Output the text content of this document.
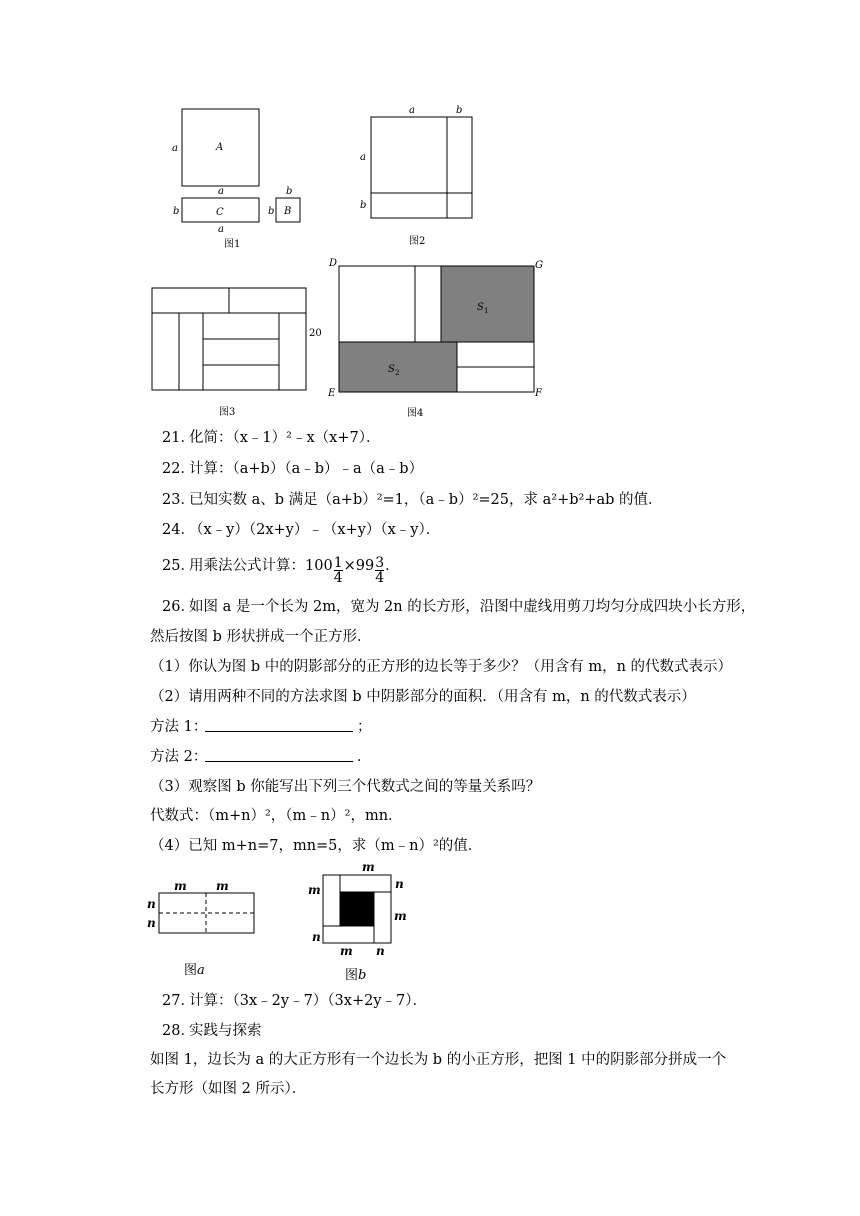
A
a
a
C
b
a
B
b
b
图1
a	b
a
b
图2
20
图3
D	G
E	F
S 1
S 2
图4
21．
化简：（x﹣1）²﹣x（x+7）．
22．
计算：（a+b）（a﹣b）﹣a（a﹣b）
23．
已知实数 a、b 满足（a+b）²=1，（a﹣b）²=25，求 a²+b²+ab 的值．
24．
（x﹣y）（2x+y）﹣（x+y）（x﹣y）．
25．
用乘法公式计算：$100 \frac{1}{4} \times 99 \frac{3}{4}$ ．
26．
如图 a 是一个长为 2m，宽为 2n 的长方形，沿图中虚线用剪刀均匀分成四块小长方形，
然后按图 b 形状拼成一个正方形．
（1）你认为图 b 中的阴影部分的正方形的边长等于多少？（用含有 m，n 的代数式表示）
（2）请用两种不同的方法求图 b 中阴影部分的面积．（用含有 m，n 的代数式表示）
方法 1：	；
方法 2：	．
（3）观察图 b 你能写出下列三个代数式之间的等量关系吗？
代数式：（m+n）²，（m﹣n）²，mn．
（4）已知 m+n=7，mn=5，求（m﹣n）²的值．
m m
n
n
图a
m
m	n
m
n
m n
图b
27．
计算：（3x﹣2y﹣7）（3x+2y﹣7）．
28．
实践与探索
如图 1，边长为 a 的大正方形有一个边长为 b 的小正方形，把图 1 中的阴影部分拼成一个
长方形（如图 2 所示）．
